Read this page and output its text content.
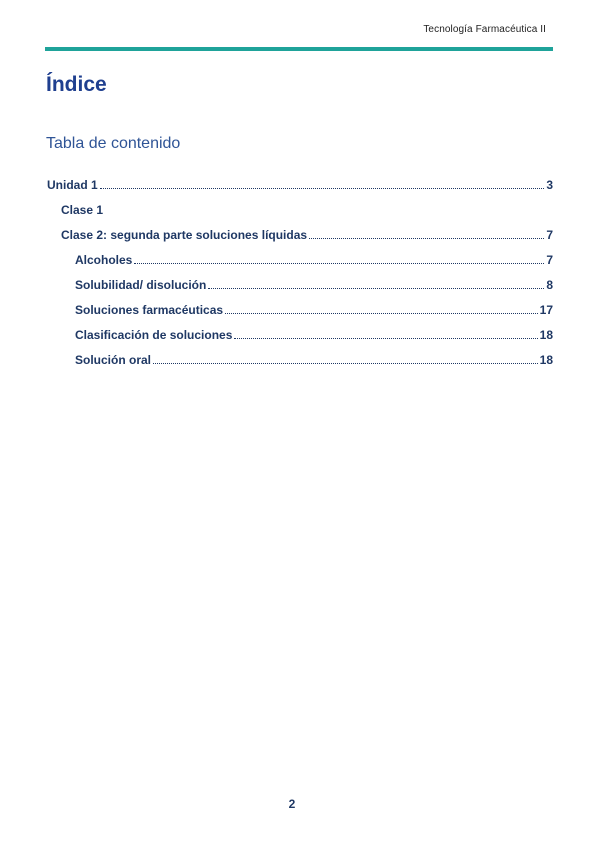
Tecnología Farmacéutica II
Índice
Tabla de contenido
Unidad 1	3
Clase 1
Clase 2: segunda parte soluciones líquidas	7
Alcoholes	7
Solubilidad/ disolución	8
Soluciones farmacéuticas	17
Clasificación de soluciones	18
Solución oral	18
2
